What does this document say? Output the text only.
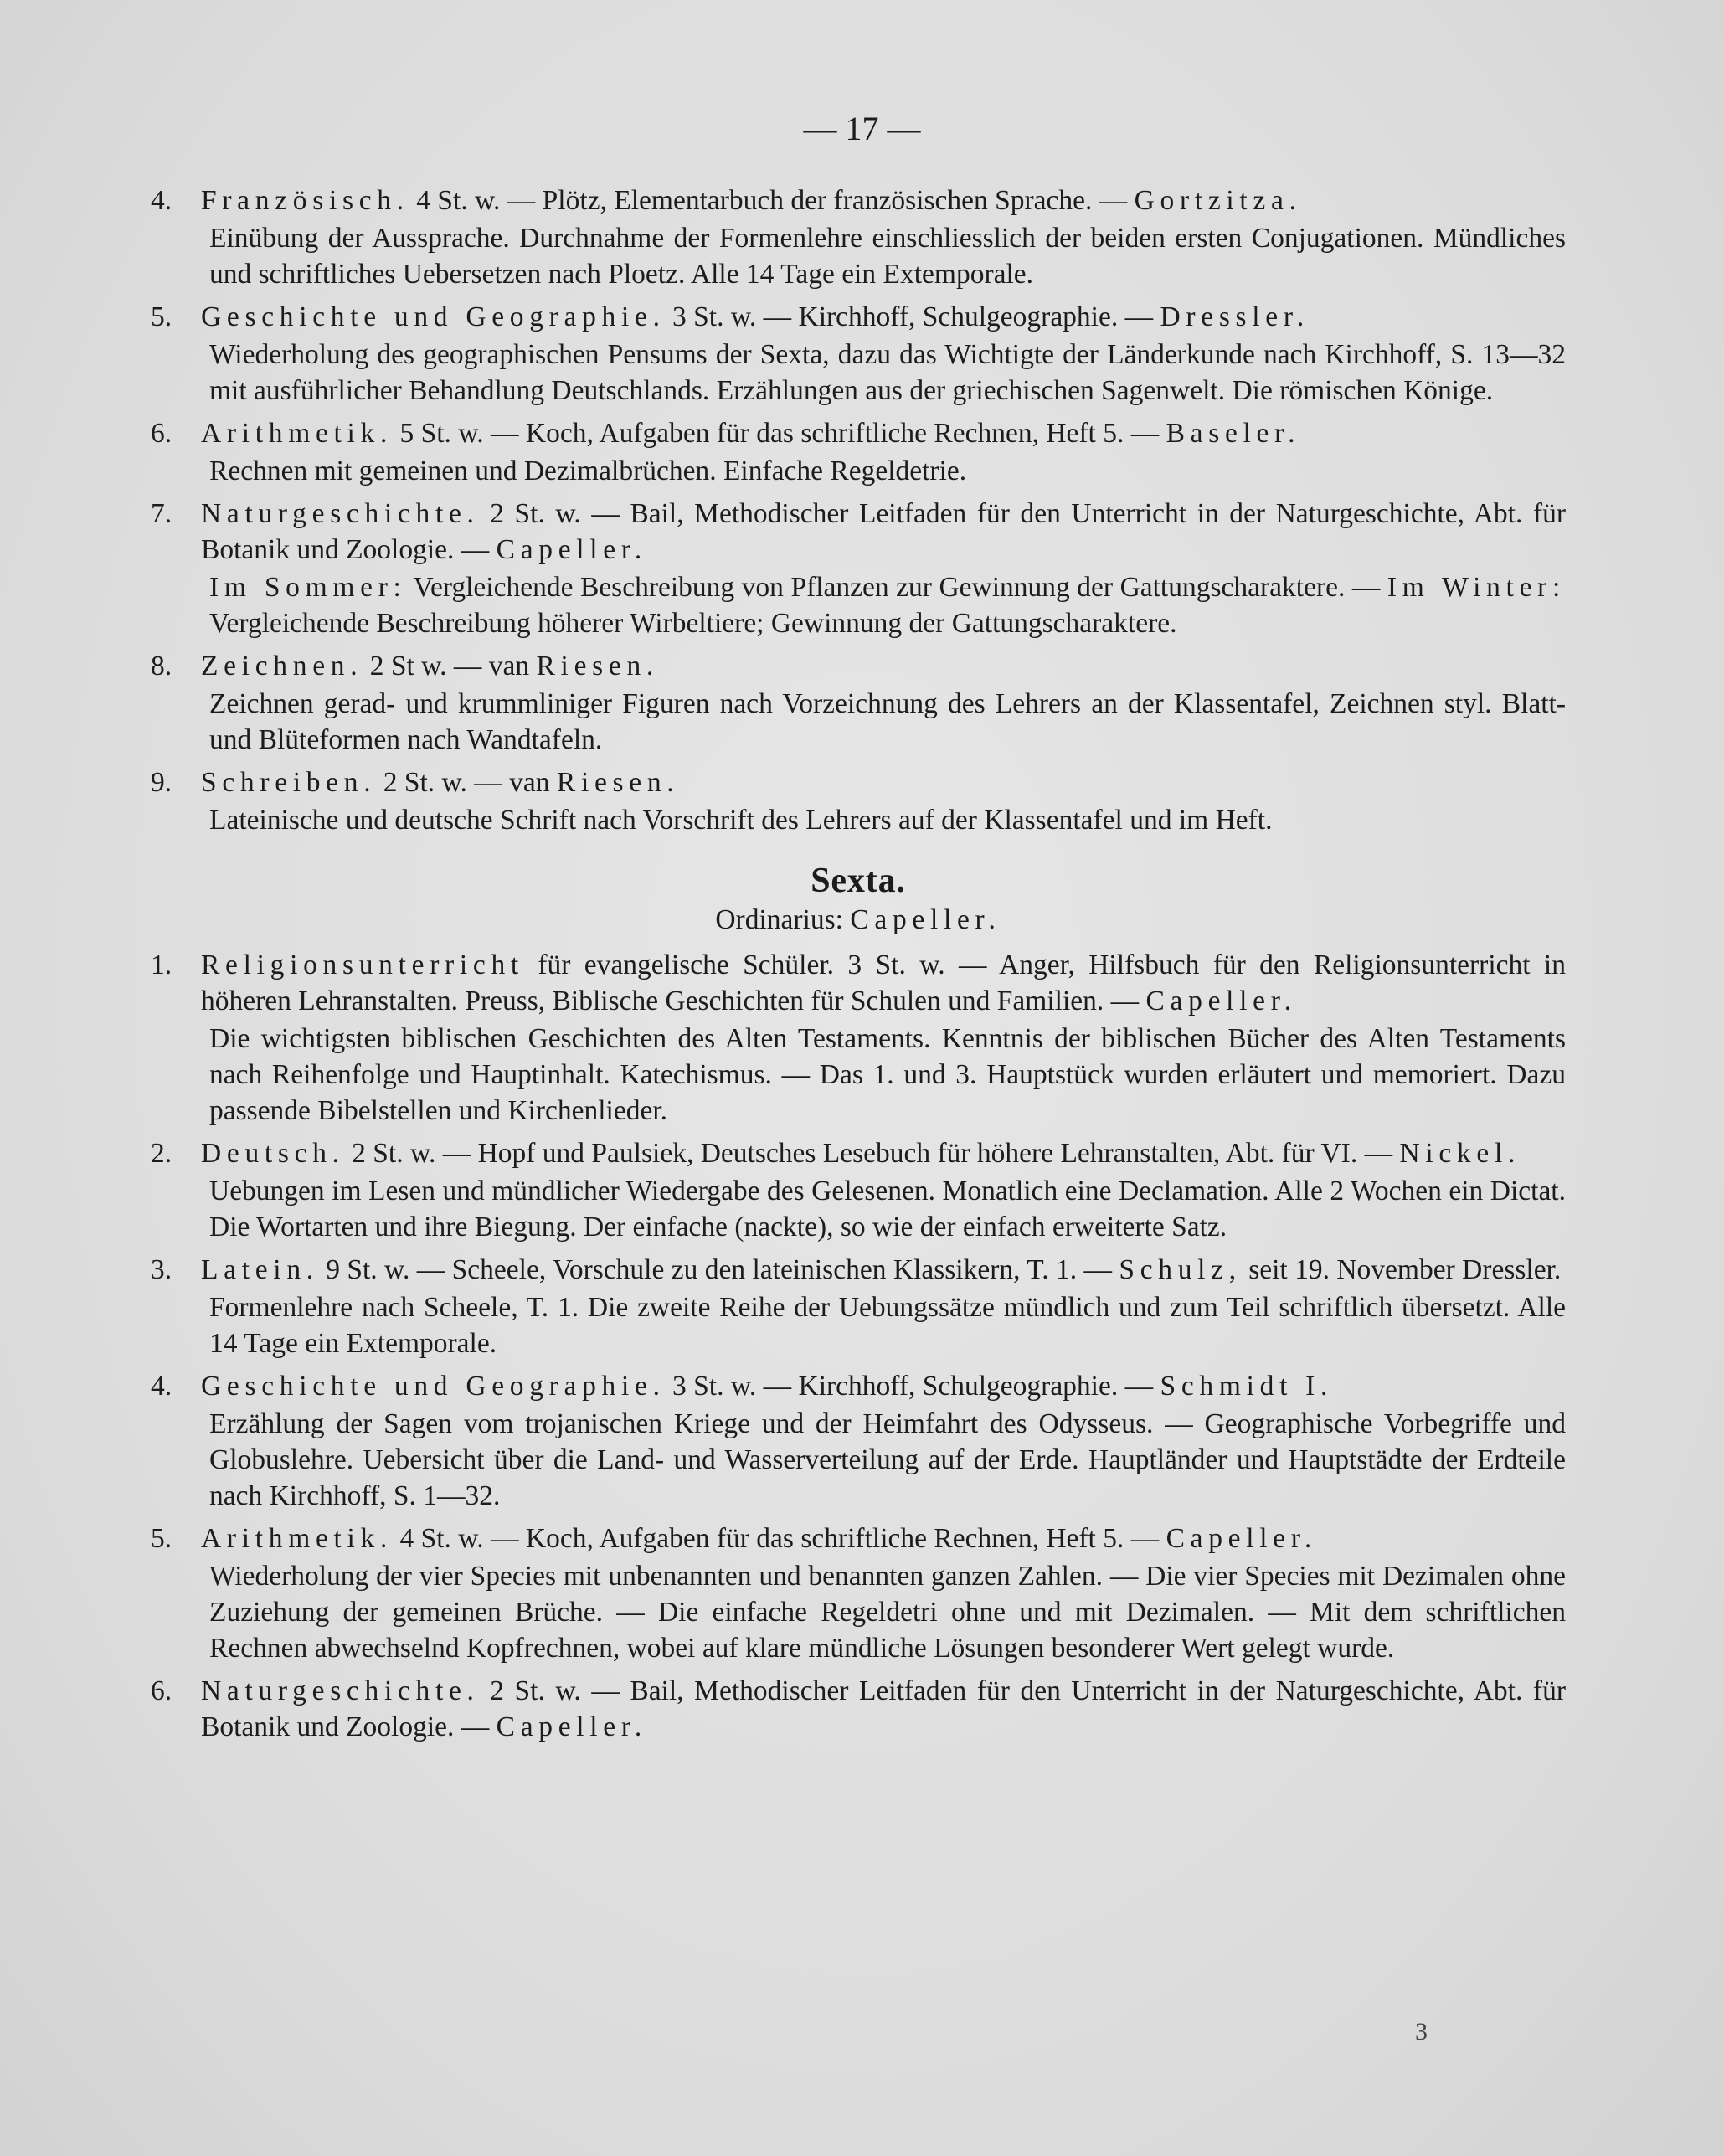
— 17 —
4. Französisch. 4 St. w. — Plötz, Elementarbuch der französischen Sprache. — Gortzitza.
Einübung der Aussprache. Durchnahme der Formenlehre einschliesslich der beiden ersten Conjugationen. Mündliches und schriftliches Uebersetzen nach Ploetz. Alle 14 Tage ein Extemporale.
5. Geschichte und Geographie. 3 St. w. — Kirchhoff, Schulgeographie. — Dressler.
Wiederholung des geographischen Pensums der Sexta, dazu das Wichtigte der Länderkunde nach Kirchhoff, S. 13—32 mit ausführlicher Behandlung Deutschlands. Erzählungen aus der griechischen Sagenwelt. Die römischen Könige.
6. Arithmetik. 5 St. w. — Koch, Aufgaben für das schriftliche Rechnen, Heft 5. — Baseler.
Rechnen mit gemeinen und Dezimalbrüchen. Einfache Regeldetrie.
7. Naturgeschichte. 2 St. w. — Bail, Methodischer Leitfaden für den Unterricht in der Naturgeschichte, Abt. für Botanik und Zoologie. — Capeller.
Im Sommer: Vergleichende Beschreibung von Pflanzen zur Gewinnung der Gattungscharaktere. — Im Winter: Vergleichende Beschreibung höherer Wirbeltiere; Gewinnung der Gattungscharaktere.
8. Zeichnen. 2 St w. — van Riesen.
Zeichnen gerad- und krummliniger Figuren nach Vorzeichnung des Lehrers an der Klassentafel, Zeichnen styl. Blatt- und Blüteformen nach Wandtafeln.
9. Schreiben. 2 St. w. — van Riesen.
Lateinische und deutsche Schrift nach Vorschrift des Lehrers auf der Klassentafel und im Heft.
Sexta.
Ordinarius: Capeller.
1. Religionsunterricht für evangelische Schüler. 3 St. w. — Anger, Hilfsbuch für den Religionsunterricht in höheren Lehranstalten. Preuss, Biblische Geschichten für Schulen und Familien. — Capeller.
Die wichtigsten biblischen Geschichten des Alten Testaments. Kenntnis der biblischen Bücher des Alten Testaments nach Reihenfolge und Hauptinhalt. Katechismus. — Das 1. und 3. Hauptstück wurden erläutert und memoriert. Dazu passende Bibelstellen und Kirchenlieder.
2. Deutsch. 2 St. w. — Hopf und Paulsiek, Deutsches Lesebuch für höhere Lehranstalten, Abt. für VI. — Nickel.
Uebungen im Lesen und mündlicher Wiedergabe des Gelesenen. Monatlich eine Declamation. Alle 2 Wochen ein Dictat. Die Wortarten und ihre Biegung. Der einfache (nackte), so wie der einfach erweiterte Satz.
3. Latein. 9 St. w. — Scheele, Vorschule zu den lateinischen Klassikern, T. 1. — Schulz, seit 19. November Dressler.
Formenlehre nach Scheele, T. 1. Die zweite Reihe der Uebungssätze mündlich und zum Teil schriftlich übersetzt. Alle 14 Tage ein Extemporale.
4. Geschichte und Geographie. 3 St. w. — Kirchhoff, Schulgeographie. — Schmidt I.
Erzählung der Sagen vom trojanischen Kriege und der Heimfahrt des Odysseus. — Geographische Vorbegriffe und Globuslehre. Uebersicht über die Land- und Wasserverteilung auf der Erde. Hauptländer und Hauptstädte der Erdteile nach Kirchhoff, S. 1—32.
5. Arithmetik. 4 St. w. — Koch, Aufgaben für das schriftliche Rechnen, Heft 5. — Capeller.
Wiederholung der vier Species mit unbenannten und benannten ganzen Zahlen. — Die vier Species mit Dezimalen ohne Zuziehung der gemeinen Brüche. — Die einfache Regeldetri ohne und mit Dezimalen. — Mit dem schriftlichen Rechnen abwechselnd Kopfrechnen, wobei auf klare mündliche Lösungen besonderer Wert gelegt wurde.
6. Naturgeschichte. 2 St. w. — Bail, Methodischer Leitfaden für den Unterricht in der Naturgeschichte, Abt. für Botanik und Zoologie. — Capeller.
3
